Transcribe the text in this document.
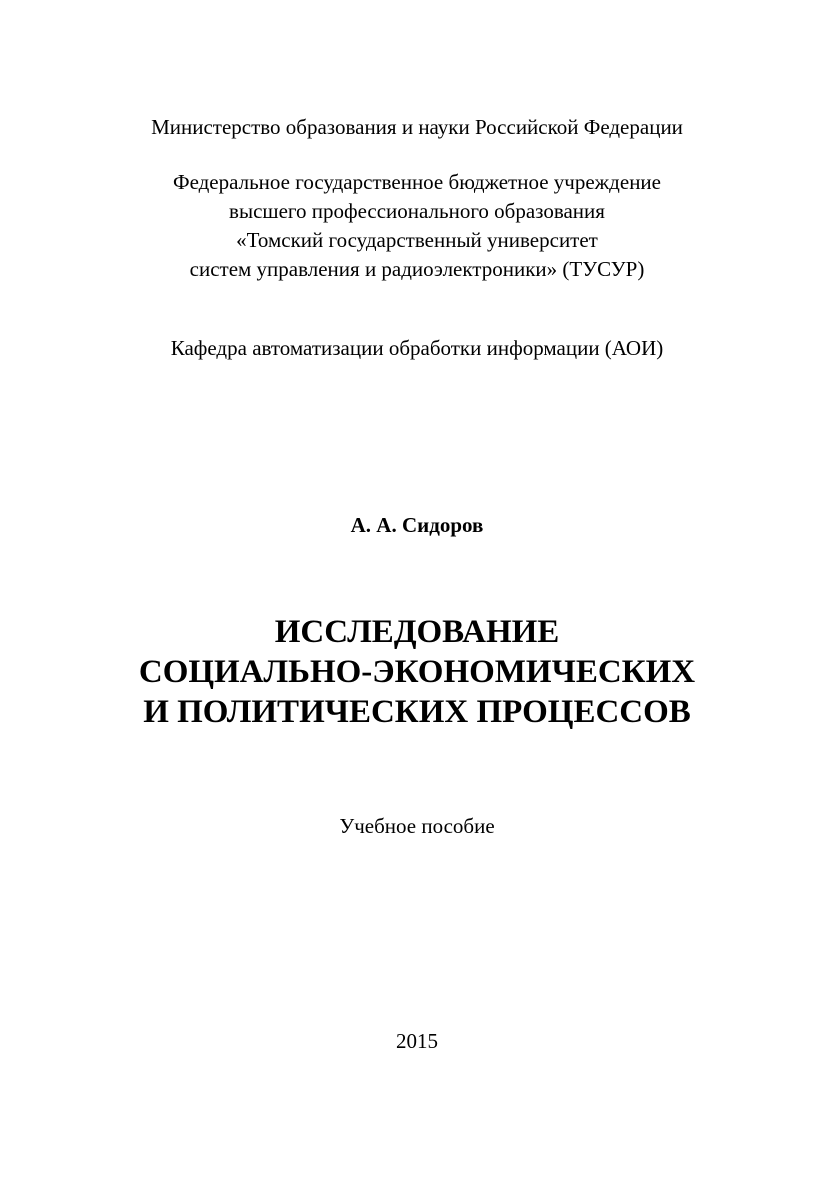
Министерство образования и науки Российской Федерации
Федеральное государственное бюджетное учреждение
высшего профессионального образования
«Томский государственный университет
систем управления и радиоэлектроники» (ТУСУР)
Кафедра автоматизации обработки информации (АОИ)
А. А. Сидоров
ИССЛЕДОВАНИЕ
СОЦИАЛЬНО-ЭКОНОМИЧЕСКИХ
И ПОЛИТИЧЕСКИХ ПРОЦЕССОВ
Учебное пособие
2015
